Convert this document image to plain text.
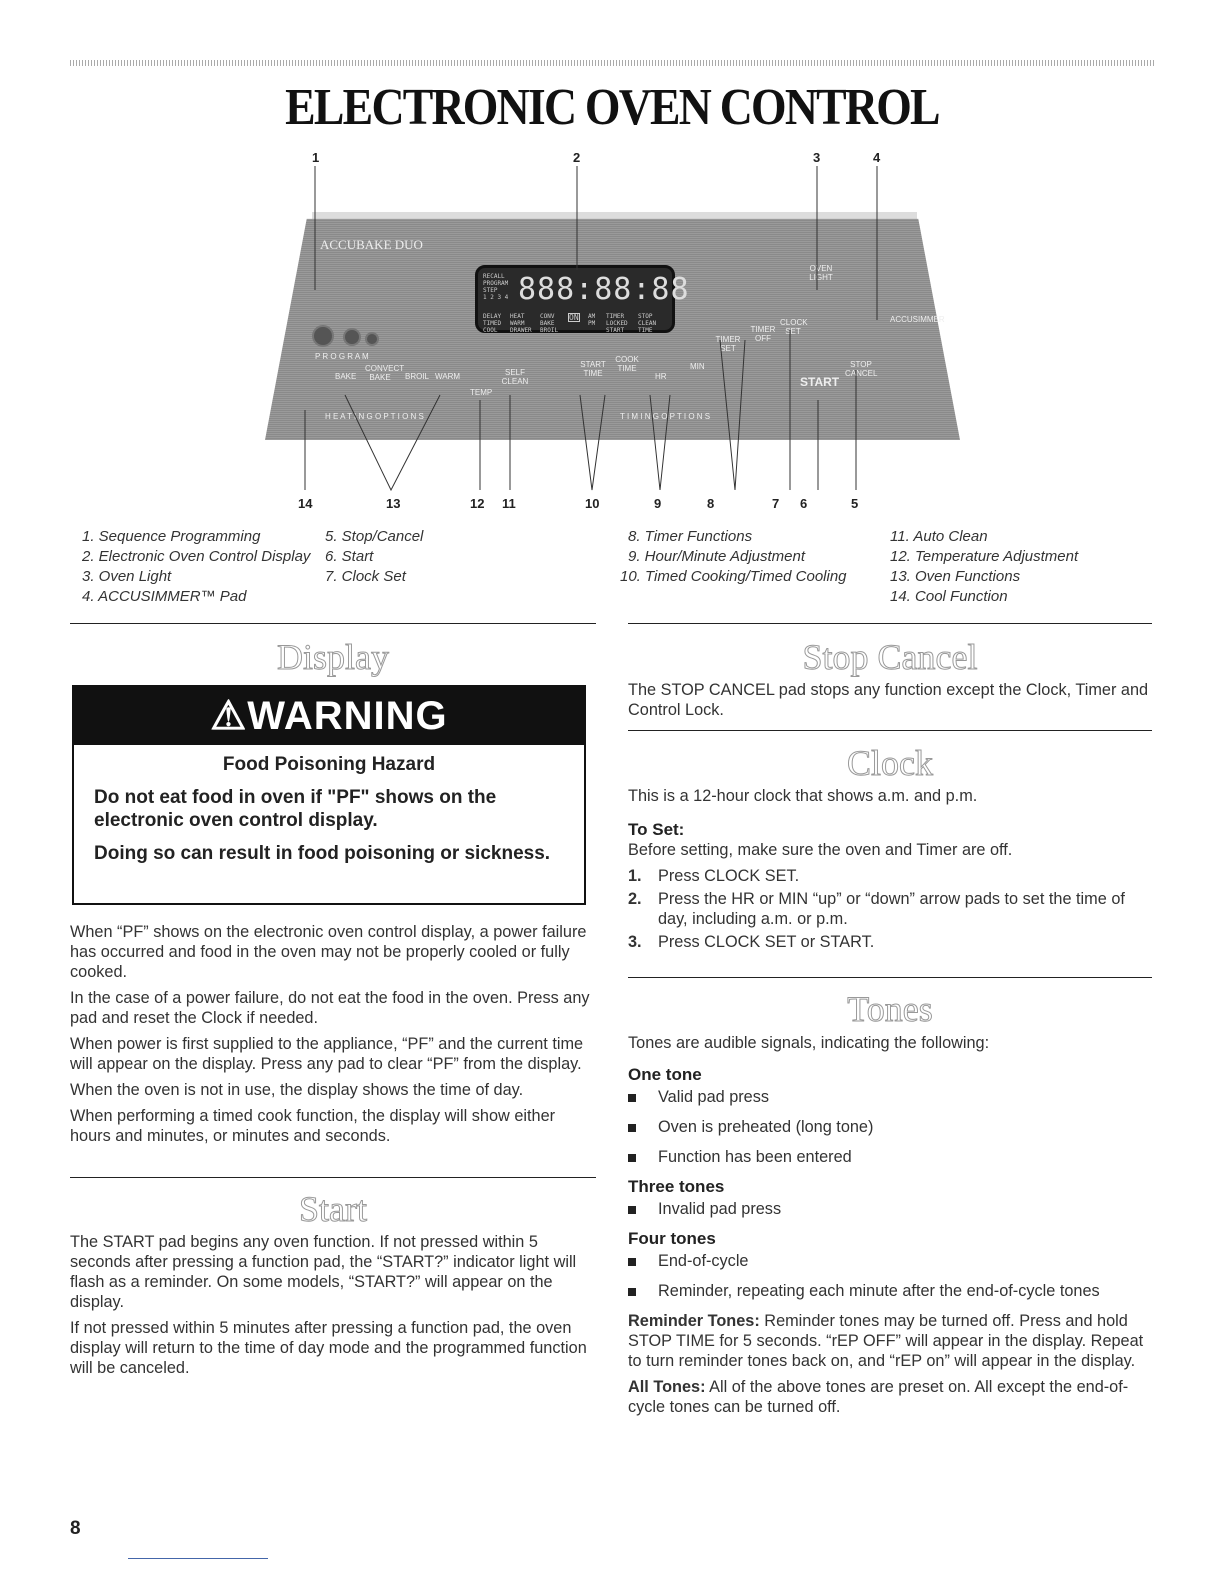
ELECTRONIC OVEN CONTROL
1	2	3	4
14	13	12 11	10	9	8	7 6	5
ACCUBAKE DUO
RECALL
PROGRAM
STEP
1 2 3 4 888:88:88
DELAY TIMED COOL
HEAT WARM DRAWER
CONV BAKE BROIL
ON AM PM
TIMER LOCKED START
STOP CLEAN TIME
P R O G R A M
BAKE
CONVECT BAKE	BROIL WARM
TEMP
SELF CLEAN
H E A T I N G O P T I O N S
START TIME
COOK TIME
HR
MIN
TIMER SET
TIMER OFF
CLOCK SET
START
STOP CANCEL
OVEN LIGHT
ACCUSIMMER
T I M I N G O P T I O N S
1. Sequence Programming
2. Electronic Oven Control Display
3. Oven Light
4. ACCUSIMMER™ Pad
5. Stop/Cancel
6. Start
7. Clock Set
8. Timer Functions
9. Hour/Minute Adjustment
10. Timed Cooking/Timed Cooling
11. Auto Clean
12. Temperature Adjustment
13. Oven Functions
14. Cool Function
Display
⚠WARNING
Food Poisoning Hazard

Do not eat food in oven if "PF" shows on the electronic oven control display.

Doing so can result in food poisoning or sickness.

When “PF” shows on the electronic oven control display, a power failure has occurred and food in the oven may not be properly cooled or fully cooked.

In the case of a power failure, do not eat the food in the oven. Press any pad and reset the Clock if needed.

When power is first supplied to the appliance, “PF” and the current time will appear on the display. Press any pad to clear “PF” from the display.

When the oven is not in use, the display shows the time of day.

When performing a timed cook function, the display will show either hours and minutes, or minutes and seconds.

Start

The START pad begins any oven function. If not pressed within 5 seconds after pressing a function pad, the “START?” indicator light will flash as a reminder. On some models, “START?” will appear on the display.

If not pressed within 5 minutes after pressing a function pad, the oven display will return to the time of day mode and the programmed function will be canceled.

Stop Cancel
The STOP CANCEL pad stops any function except the Clock, Timer and Control Lock.
Clock

This is a 12-hour clock that shows a.m. and p.m.

To Set:

Before setting, make sure the oven and Timer are off.

1.	Press CLOCK SET.
2.	Press the HR or MIN “up” or “down” arrow pads to set the time of day, including a.m. or p.m.
3.	Press CLOCK SET or START.
Tones

Tones are audible signals, indicating the following:

One tone
Valid pad press
Oven is preheated (long tone)
Function has been entered
Three tones
Invalid pad press
Four tones
End-of-cycle
Reminder, repeating each minute after the end-of-cycle tones

Reminder Tones: Reminder tones may be turned off. Press and hold STOP TIME for 5 seconds. “rEP OFF” will appear in the display. Repeat to turn reminder tones back on, and “rEP on” will appear in the display.

All Tones: All of the above tones are preset on. All except the end-of-cycle tones can be turned off.

8
